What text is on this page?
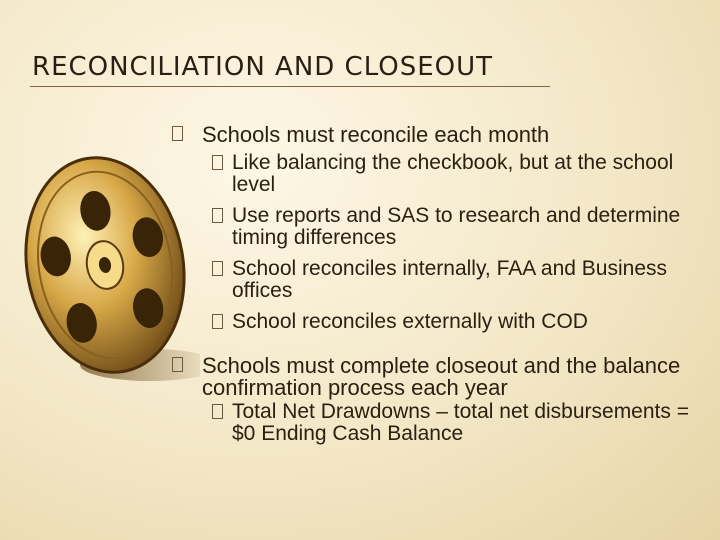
RECONCILIATION AND CLOSEOUT
Schools must reconcile each month
Like balancing the checkbook, but at the school level
Use reports and SAS to research and determine timing differences
School reconciles internally, FAA and Business offices
School reconciles externally with COD
Schools must complete closeout and the balance confirmation process each year
Total Net Drawdowns – total net disbursements = $0 Ending Cash Balance
